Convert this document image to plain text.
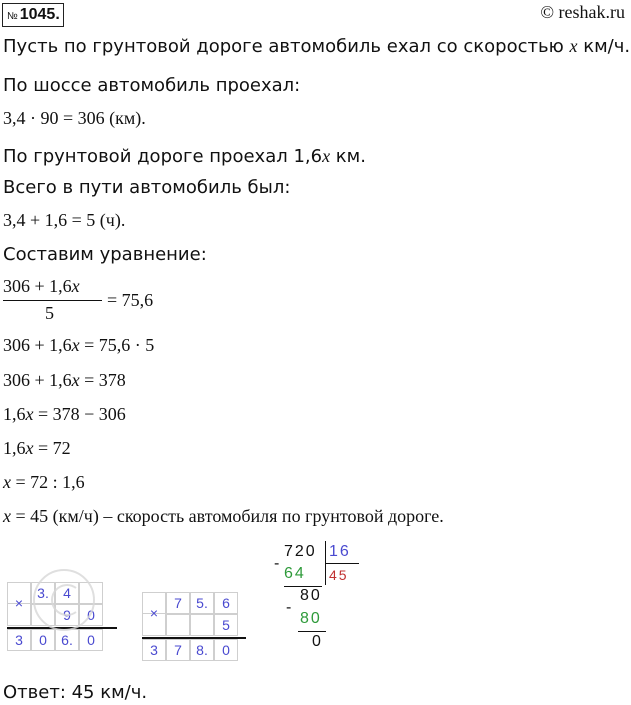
№ 1045.	© reshak.ru
Пусть по грунтовой дороге автомобиль ехал со скоростью x км/ч.
По шоссе автомобиль проехал:
3,4 · 90 = 306 (км).
По грунтовой дороге проехал 1,6x км.
Всего в пути автомобиль был:
3,4 + 1,6 = 5 (ч).
Составим уравнение:
306 + 1,6x
5
= 75,6
306 + 1,6x = 75,6 · 5
306 + 1,6x = 378
1,6x = 378 − 306
1,6x = 72
x = 72 : 1,6
x = 45 (км/ч) – скорость автомобиля по грунтовой дороге.
3.	4
×
9	0
3	0	6.	0
7	5.	6
×
5
3	7	8.	0
720 16
-
64 45
80
-
80
0
Ответ: 45 км/ч.
